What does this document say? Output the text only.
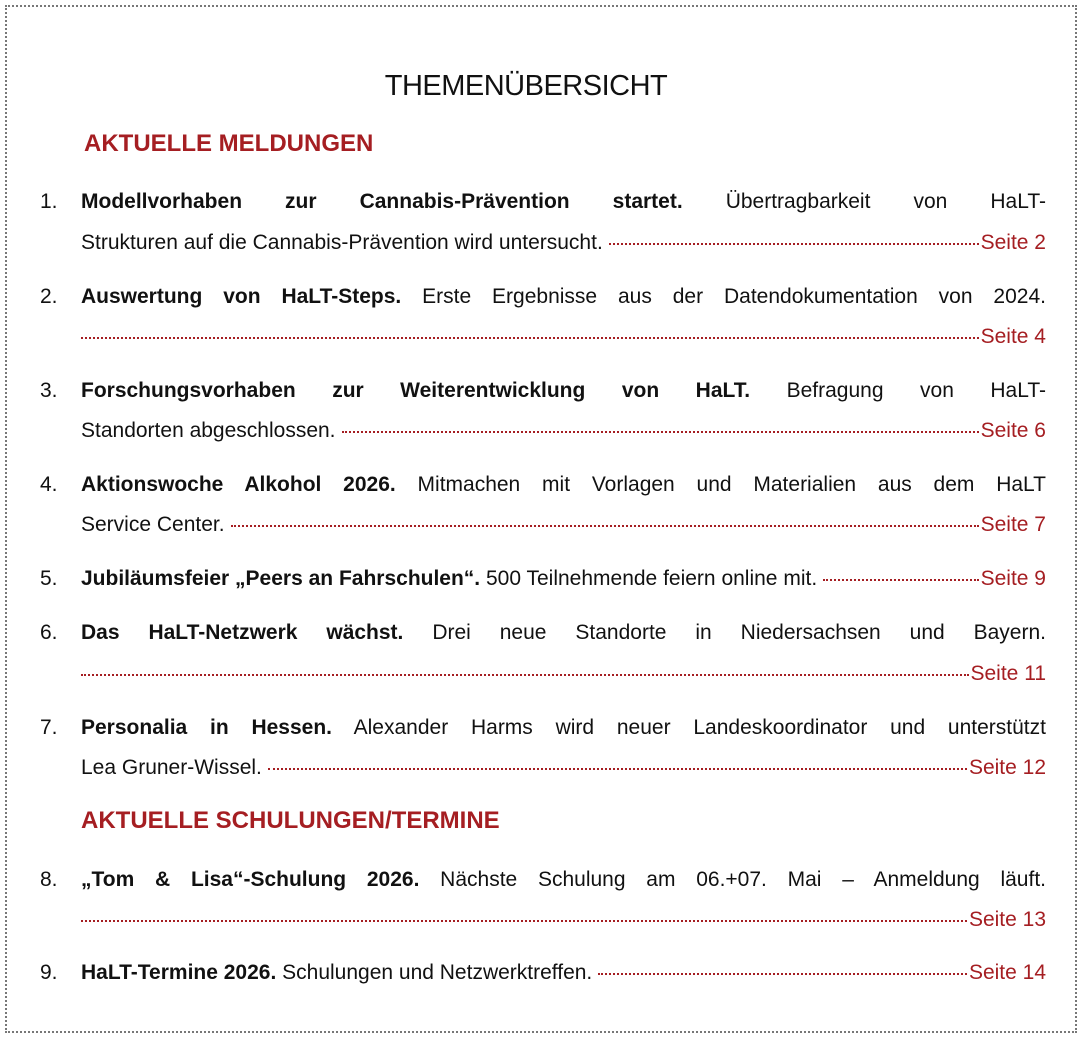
THEMENÜBERSICHT
AKTUELLE MELDUNGEN
AKTUELLE SCHULUNGEN/TERMINE
1. Modellvorhaben zur Cannabis-Prävention startet. Übertragbarkeit von HaLT-
Strukturen auf die Cannabis-Prävention wird untersucht.	Seite 2
2. Auswertung von HaLT-Steps. Erste Ergebnisse aus der Datendokumentation von 2024.
Seite 4
3. Forschungsvorhaben zur Weiterentwicklung von HaLT. Befragung von HaLT-
Standorten abgeschlossen.	Seite 6
4. Aktionswoche Alkohol 2026. Mitmachen mit Vorlagen und Materialien aus dem HaLT
Service Center.	Seite 7
5. Jubiläumsfeier „Peers an Fahrschulen“. 500 Teilnehmende feiern online mit.	Seite 9
6. Das HaLT-Netzwerk wächst. Drei neue Standorte in Niedersachsen und Bayern.
Seite 11
7. Personalia in Hessen. Alexander Harms wird neuer Landeskoordinator und unterstützt
Lea Gruner-Wissel.	Seite 12
8. „Tom & Lisa“-Schulung 2026. Nächste Schulung am 06.+07. Mai – Anmeldung läuft.
Seite 13
9. HaLT-Termine 2026. Schulungen und Netzwerktreffen.	Seite 14
